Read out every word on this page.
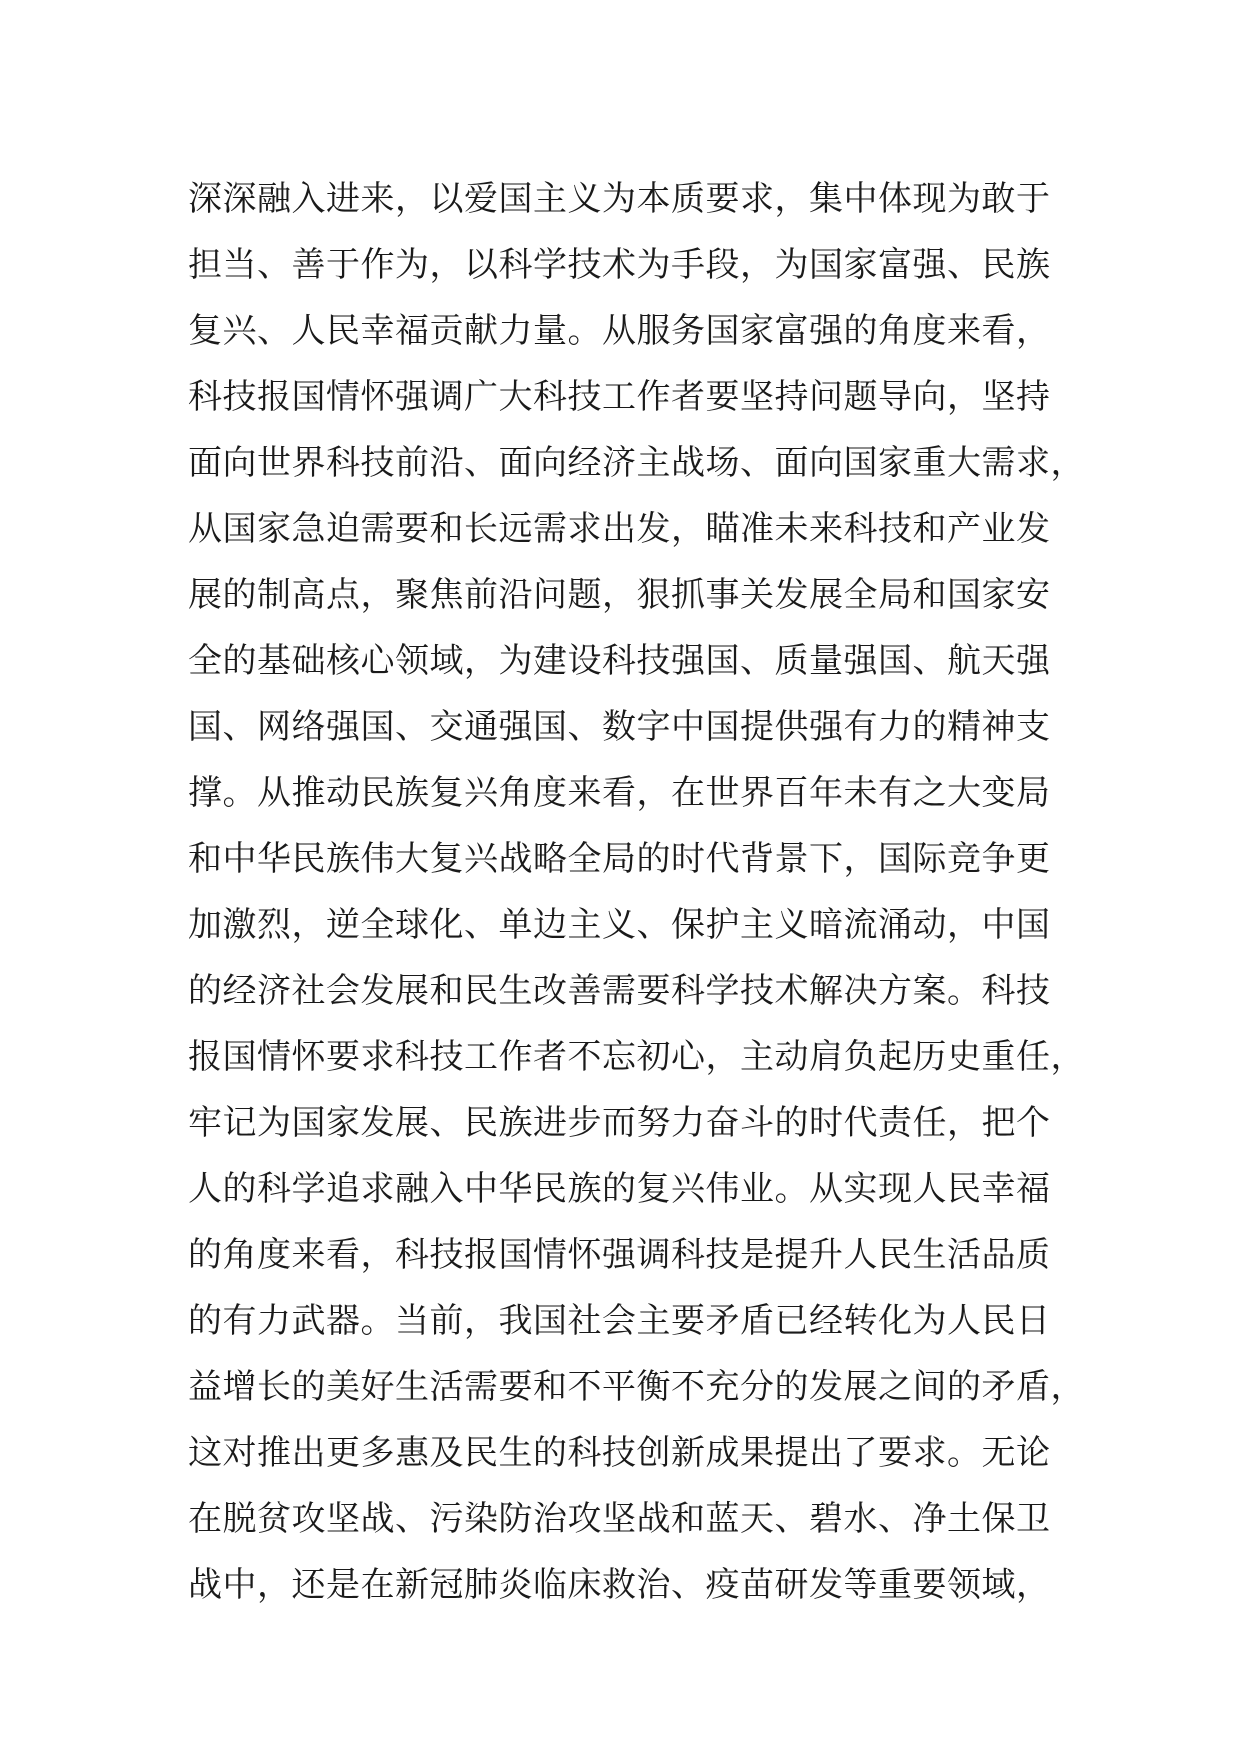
深深融入进来，以爱国主义为本质要求，集中体现为敢于
担当、善于作为，以科学技术为手段，为国家富强、民族
复兴、人民幸福贡献力量。从服务国家富强的角度来看，
科技报国情怀强调广大科技工作者要坚持问题导向，坚持
面向世界科技前沿、面向经济主战场、面向国家重大需求，
从国家急迫需要和长远需求出发，瞄准未来科技和产业发
展的制高点，聚焦前沿问题，狠抓事关发展全局和国家安
全的基础核心领域，为建设科技强国、质量强国、航天强
国、网络强国、交通强国、数字中国提供强有力的精神支
撑。从推动民族复兴角度来看，在世界百年未有之大变局
和中华民族伟大复兴战略全局的时代背景下，国际竞争更
加激烈，逆全球化、单边主义、保护主义暗流涌动，中国
的经济社会发展和民生改善需要科学技术解决方案。科技
报国情怀要求科技工作者不忘初心，主动肩负起历史重任，
牢记为国家发展、民族进步而努力奋斗的时代责任，把个
人的科学追求融入中华民族的复兴伟业。从实现人民幸福
的角度来看，科技报国情怀强调科技是提升人民生活品质
的有力武器。当前，我国社会主要矛盾已经转化为人民日
益增长的美好生活需要和不平衡不充分的发展之间的矛盾，
这对推出更多惠及民生的科技创新成果提出了要求。无论
在脱贫攻坚战、污染防治攻坚战和蓝天、碧水、净土保卫
战中，还是在新冠肺炎临床救治、疫苗研发等重要领域，
